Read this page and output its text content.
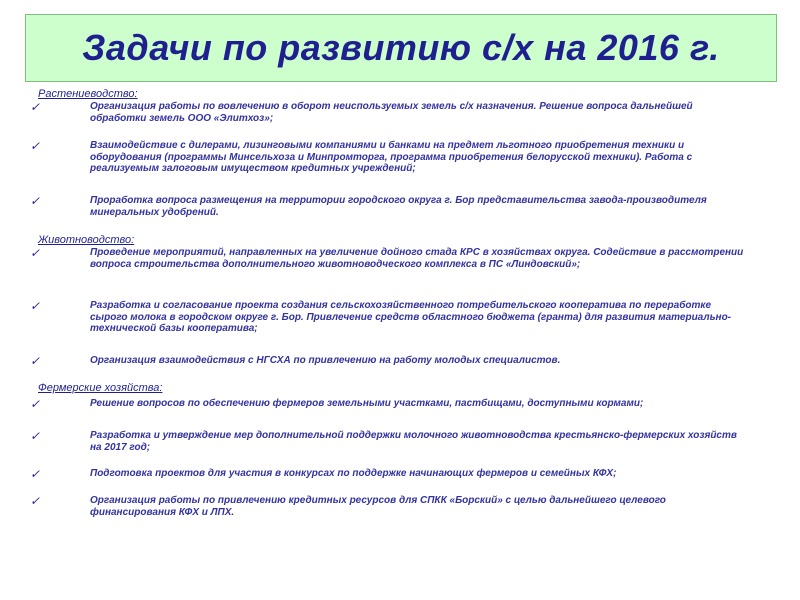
Задачи по развитию с/х на 2016 г.
Растениеводство:
✓	Организация работы по вовлечению в оборот неиспользуемых земель с/х назначения. Решение вопроса дальнейшей обработки земель ООО «Элитхоз»;
✓	Взаимодействие с дилерами, лизинговыми компаниями и банками на предмет льготного приобретения техники и оборудования (программы Минсельхоза и Минпромторга, программа приобретения белорусской техники). Работа с реализуемым залоговым имуществом кредитных учреждений;
✓	Проработка вопроса размещения на территории городского округа г. Бор представительства завода-производителя минеральных удобрений.
Животноводство:
✓	Проведение мероприятий, направленных на увеличение дойного стада КРС в хозяйствах округа. Содействие в рассмотрении вопроса строительства дополнительного животноводческого комплекса в ПС «Линдовский»;
✓	Разработка и согласование проекта создания сельскохозяйственного потребительского кооператива по переработке сырого молока в городском округе г. Бор. Привлечение средств областного бюджета (гранта) для развития материально-технической базы кооператива;
✓	Организация взаимодействия с НГСХА по привлечению на работу молодых специалистов.
Фермерские хозяйства:
✓	Решение вопросов по обеспечению фермеров земельными участками, пастбищами, доступными кормами;
✓	Разработка и утверждение мер дополнительной поддержки молочного животноводства крестьянско-фермерских хозяйств на 2017 год;
✓	Подготовка проектов для участия в конкурсах по поддержке начинающих фермеров и семейных КФХ;
✓	Организация работы по привлечению кредитных ресурсов для СПКК «Борский» с целью дальнейшего целевого финансирования КФХ и ЛПХ.
